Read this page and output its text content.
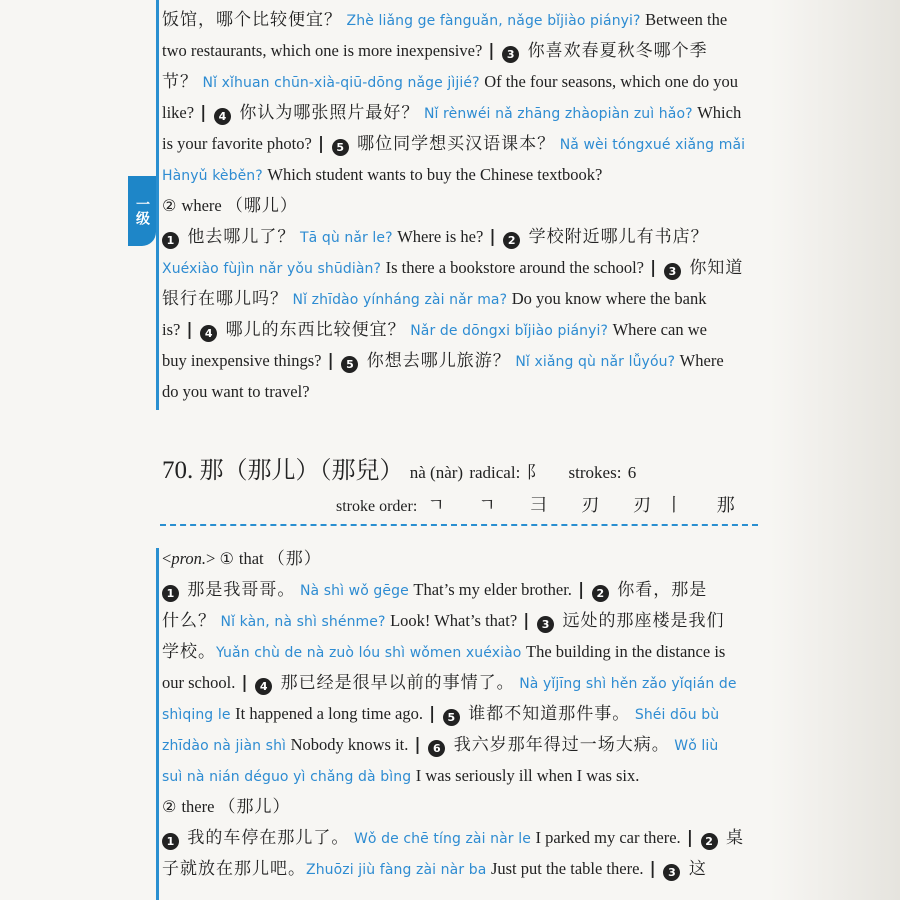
一级
饭馆，哪个比较便宜？ Zhè liǎng ge fànguǎn, nǎge bǐjiào piányi? Between the
two restaurants, which one is more inexpensive? | 3 你喜欢春夏秋冬哪个季
节？ Nǐ xǐhuan chūn-xià-qiū-dōng nǎge jìjié? Of the four seasons, which one do you
like? | 4 你认为哪张照片最好？ Nǐ rènwéi nǎ zhāng zhàopiàn zuì hǎo? Which
is your favorite photo? | 5 哪位同学想买汉语课本？ Nǎ wèi tóngxué xiǎng mǎi
Hànyǔ kèběn? Which student wants to buy the Chinese textbook?
② where （哪儿）
1 他去哪儿了？ Tā qù nǎr le? Where is he? | 2 学校附近哪儿有书店？
Xuéxiào fùjìn nǎr yǒu shūdiàn? Is there a bookstore around the school? | 3 你知道
银行在哪儿吗？ Nǐ zhīdào yínháng zài nǎr ma? Do you know where the bank
is? | 4 哪儿的东西比较便宜？ Nǎr de dōngxi bǐjiào piányi? Where can we
buy inexpensive things? | 5 你想去哪儿旅游？ Nǐ xiǎng qù nǎr lǚyóu? Where
do you want to travel?
70. 那（那儿）（那兒） nà (nàr) radical: 阝 strokes: 6
stroke order: ㄱ ㄱ 彐 刃 刃丨 那
<pron.> ① that （那）
1 那是我哥哥。 Nà shì wǒ gēge That’s my elder brother. | 2 你看，那是
什么？ Nǐ kàn, nà shì shénme? Look! What’s that? | 3 远处的那座楼是我们
学校。Yuǎn chù de nà zuò lóu shì wǒmen xuéxiào The building in the distance is
our school. | 4 那已经是很早以前的事情了。 Nà yǐjīng shì hěn zǎo yǐqián de
shìqing le It happened a long time ago. | 5 谁都不知道那件事。 Shéi dōu bù
zhīdào nà jiàn shì Nobody knows it. | 6 我六岁那年得过一场大病。 Wǒ liù
suì nà nián déguo yì chǎng dà bìng I was seriously ill when I was six.
② there （那儿）
1 我的车停在那儿了。 Wǒ de chē tíng zài nàr le I parked my car there. | 2 桌
子就放在那儿吧。Zhuōzi jiù fàng zài nàr ba Just put the table there. | 3 这
